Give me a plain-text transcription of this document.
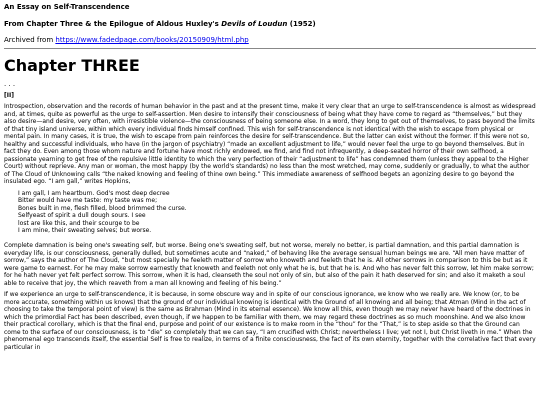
An Essay on Self-Transcendence
From Chapter Three & the Epilogue of Aldous Huxley's Devils of Loudun (1952)
Archived from https://www.fadedpage.com/books/20150909/html.php
Chapter THREE
. . .
[II]

Introspection, observation and the records of human behavior in the past and at the present time, make it very clear that an urge to self-transcendence is almost as widespread and, at times, quite as powerful as the urge to self-assertion. Men desire to intensify their consciousness of being what they have come to regard as “themselves,” but they also desire—and desire, very often, with irresistible violence—the consciousness of being someone else. In a word, they long to get out of themselves, to pass beyond the limits of that tiny island universe, within which every individual finds himself confined. This wish for self-transcendence is not identical with the wish to escape from physical or mental pain. In many cases, it is true, the wish to escape from pain reinforces the desire for self-transcendence. But the latter can exist without the former. If this were not so, healthy and successful individuals, who have (in the jargon of psychiatry) “made an excellent adjustment to life,” would never feel the urge to go beyond themselves. But in fact they do. Even among those whom nature and fortune have most richly endowed, we find, and find not infrequently, a deep-seated horror of their own selfhood, a passionate yearning to get free of the repulsive little identity to which the very perfection of their “adjustment to life” has condemned them (unless they appeal to the Higher Court) without reprieve. Any man or woman, the most happy (by the world's standards) no less than the most wretched, may come, suddenly or gradually, to what the author of The Cloud of Unknowing calls “the naked knowing and feeling of thine own being.” This immediate awareness of selfhood begets an agonizing desire to go beyond the insulated ego. “I am gall,” writes Hopkins,

I am gall, I am heartburn. God's most deep decree
Bitter would have me taste: my taste was me;
Bones built in me, flesh filled, blood brimmed the curse.
Selfyeast of spirit a dull dough sours. I see
lost are like this, and their scourge to be
I am mine, their sweating selves; but worse.

Complete damnation is being one's sweating self, but worse. Being one's sweating self, but not worse, merely no better, is partial damnation, and this partial damnation is everyday life, is our consciousness, generally dulled, but sometimes acute and “naked,” of behaving like the average sensual human beings we are. “All men have matter of sorrow,” says the author of The Cloud, “but most specially he feeleth matter of sorrow who knoweth and feeleth that he is. All other sorrows in comparison to this be but as it were game to earnest. For he may make sorrow earnestly that knoweth and feeleth not only what he is, but that he is. And who has never felt this sorrow, let him make sorrow; for he hath never yet felt perfect sorrow. This sorrow, when it is had, cleanseth the soul not only of sin, but also of the pain it hath deserved for sin; and also it maketh a soul able to receive that joy, the which reaveth from a man all knowing and feeling of his being.”

If we experience an urge to self-transcendence, it is because, in some obscure way and in spite of our conscious ignorance, we know who we really are. We know (or, to be more accurate, something within us knows) that the ground of our individual knowing is identical with the Ground of all knowing and all being; that Atman (Mind in the act of choosing to take the temporal point of view) is the same as Brahman (Mind in its eternal essence). We know all this, even though we may never have heard of the doctrines in which the primordial Fact has been described, even though, if we happen to be familiar with them, we may regard these doctrines as so much moonshine. And we also know their practical corollary, which is that the final end, purpose and point of our existence is to make room in the “thou” for the “That,” is to step aside so that the Ground can come to the surface of our consciousness, is to “die” so completely that we can say, “I am crucified with Christ; nevertheless I live; yet not I, but Christ liveth in me.” When the phenomenal ego transcends itself, the essential Self is free to realize, in terms of a finite consciousness, the fact of its own eternity, together with the correlative fact that every particular in
